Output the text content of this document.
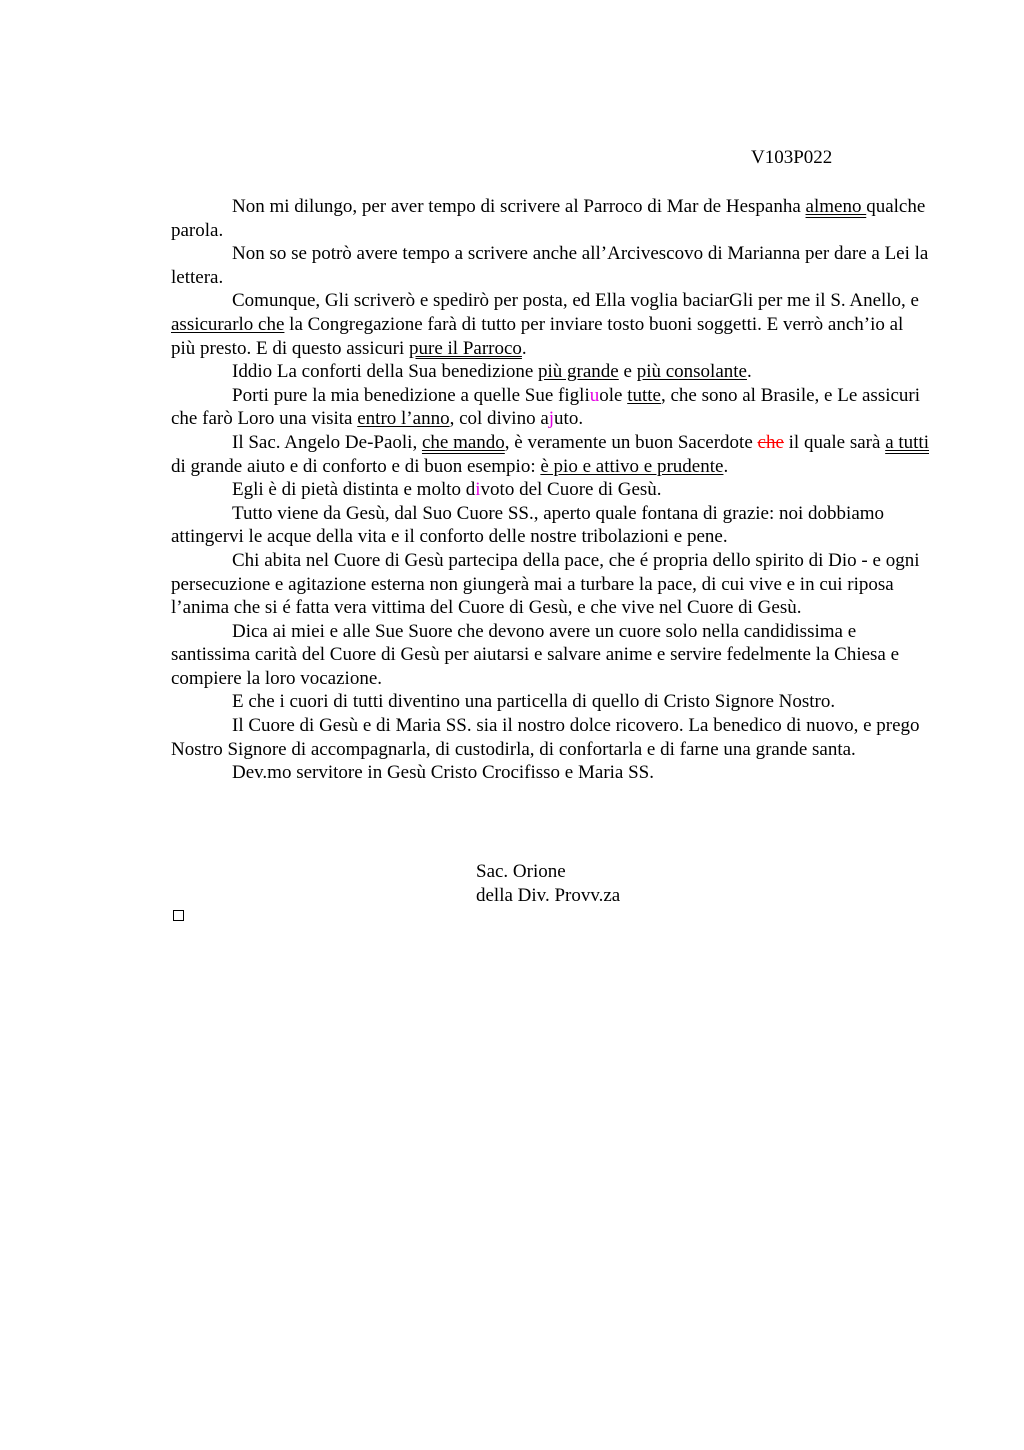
V103P022

Non mi dilungo, per aver tempo di scrivere al Parroco di Mar de Hespanha almeno qualche parola.

Non so se potrò avere tempo a scrivere anche all’Arcivescovo di Marianna per dare a Lei la lettera.

Comunque, Gli scriverò e spedirò per posta, ed Ella voglia baciarGli per me il S. Anello, e assicurarlo che la Congregazione farà di tutto per inviare tosto buoni soggetti. E verrò anch’io al più presto. E di questo assicuri pure il Parroco.

Iddio La conforti della Sua benedizione più grande e più consolante.

Porti pure la mia benedizione a quelle Sue figliuole tutte, che sono al Brasile, e Le assicuri che farò Loro una visita entro l’anno, col divino ajuto.

Il Sac. Angelo De-Paoli, che mando, è veramente un buon Sacerdote che il quale sarà a tutti di grande aiuto e di conforto e di buon esempio: è pio e attivo e prudente.

Egli è di pietà distinta e molto divoto del Cuore di Gesù.

Tutto viene da Gesù, dal Suo Cuore SS., aperto quale fontana di grazie: noi dobbiamo attingervi le acque della vita e il conforto delle nostre tribolazioni e pene.

Chi abita nel Cuore di Gesù partecipa della pace, che é propria dello spirito di Dio - e ogni persecuzione e agitazione esterna non giungerà mai a turbare la pace, di cui vive e in cui riposa l’anima che si é fatta vera vittima del Cuore di Gesù, e che vive nel Cuore di Gesù.

Dica ai miei e alle Sue Suore che devono avere un cuore solo nella candidissima e santissima carità del Cuore di Gesù per aiutarsi e salvare anime e servire fedelmente la Chiesa e compiere la loro vocazione.

E che i cuori di tutti diventino una particella di quello di Cristo Signore Nostro.

Il Cuore di Gesù e di Maria SS. sia il nostro dolce ricovero. La benedico di nuovo, e prego Nostro Signore di accompagnarla, di custodirla, di confortarla e di farne una grande santa.

Dev.mo servitore in Gesù Cristo Crocifisso e Maria SS.

Sac. Orione
della Div. Provv.za
